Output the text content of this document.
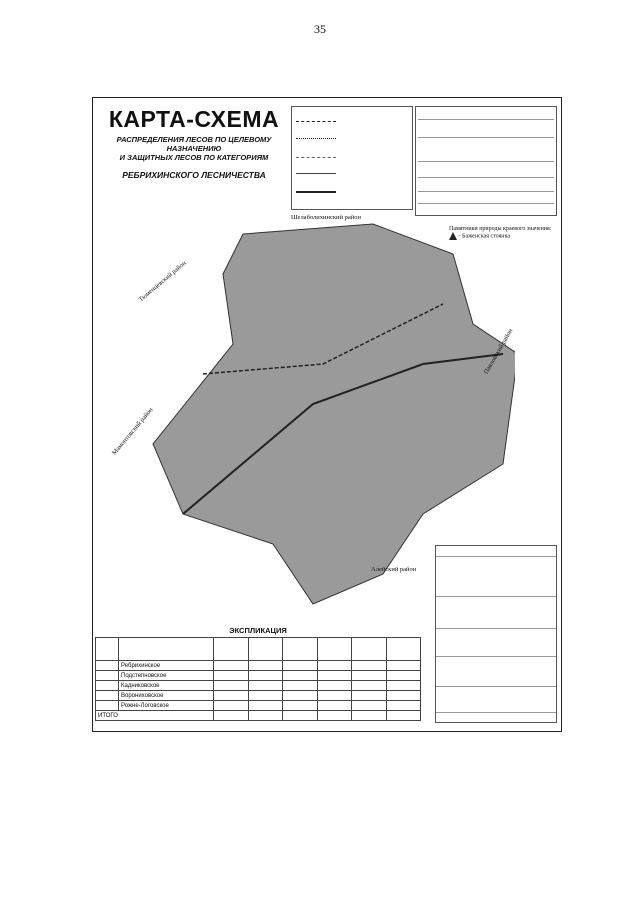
35
КАРТА-СХЕМА
РАСПРЕДЕЛЕНИЯ ЛЕСОВ ПО ЦЕЛЕВОМУ НАЗНАЧЕНИЮ
И ЗАЩИТНЫХ ЛЕСОВ ПО КАТЕГОРИЯМ
РЕБРИХИНСКОГО ЛЕСНИЧЕСТВА
Шелаболихинский район
Тюменцевский район
Мамонтовский район
Павловский район
Алейский район
Памятники природы краевого значения:
- Баженская стоянка
ЭКСПЛИКАЦИЯ

	Ребрихинское						
	Подстепновское						
	Кадниковское						
	Ворониховское						
	Рожне-Логовское						
ИТОГО							
